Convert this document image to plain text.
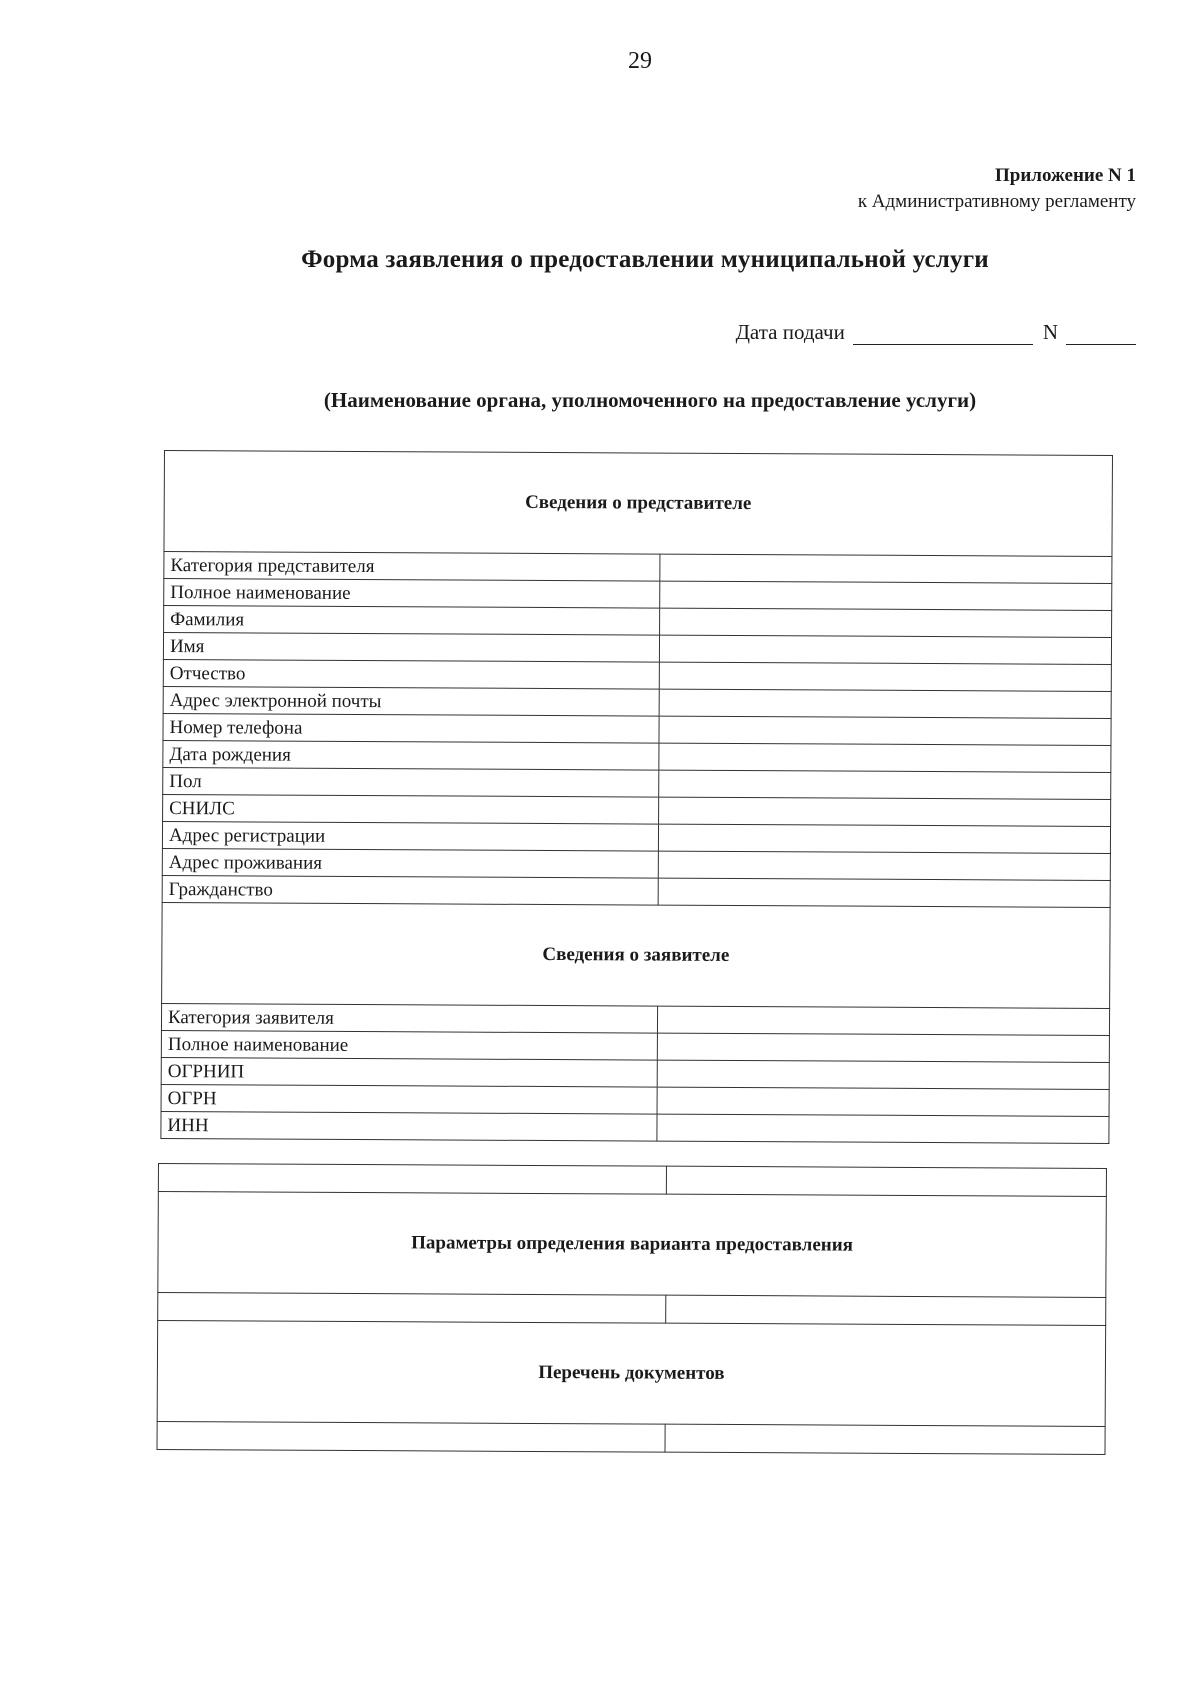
29
Приложение N 1
к Административному регламенту
Форма заявления о предоставлении муниципальной услуги
Дата подачи	N
(Наименование органа, уполномоченного на предоставление услуги)
Сведения о представителе	
Категория представителя	
Полное наименование	
Фамилия	
Имя	
Отчество	
Адрес электронной почты	
Номер телефона	
Дата рождения	
Пол	
СНИЛС	
Адрес регистрации	
Адрес проживания	
Гражданство	
Сведения о заявителе	
Категория заявителя	
Полное наименование	
ОГРНИП	
ОГРН	
ИНН	

Параметры определения варианта предоставления	

Перечень документов	
